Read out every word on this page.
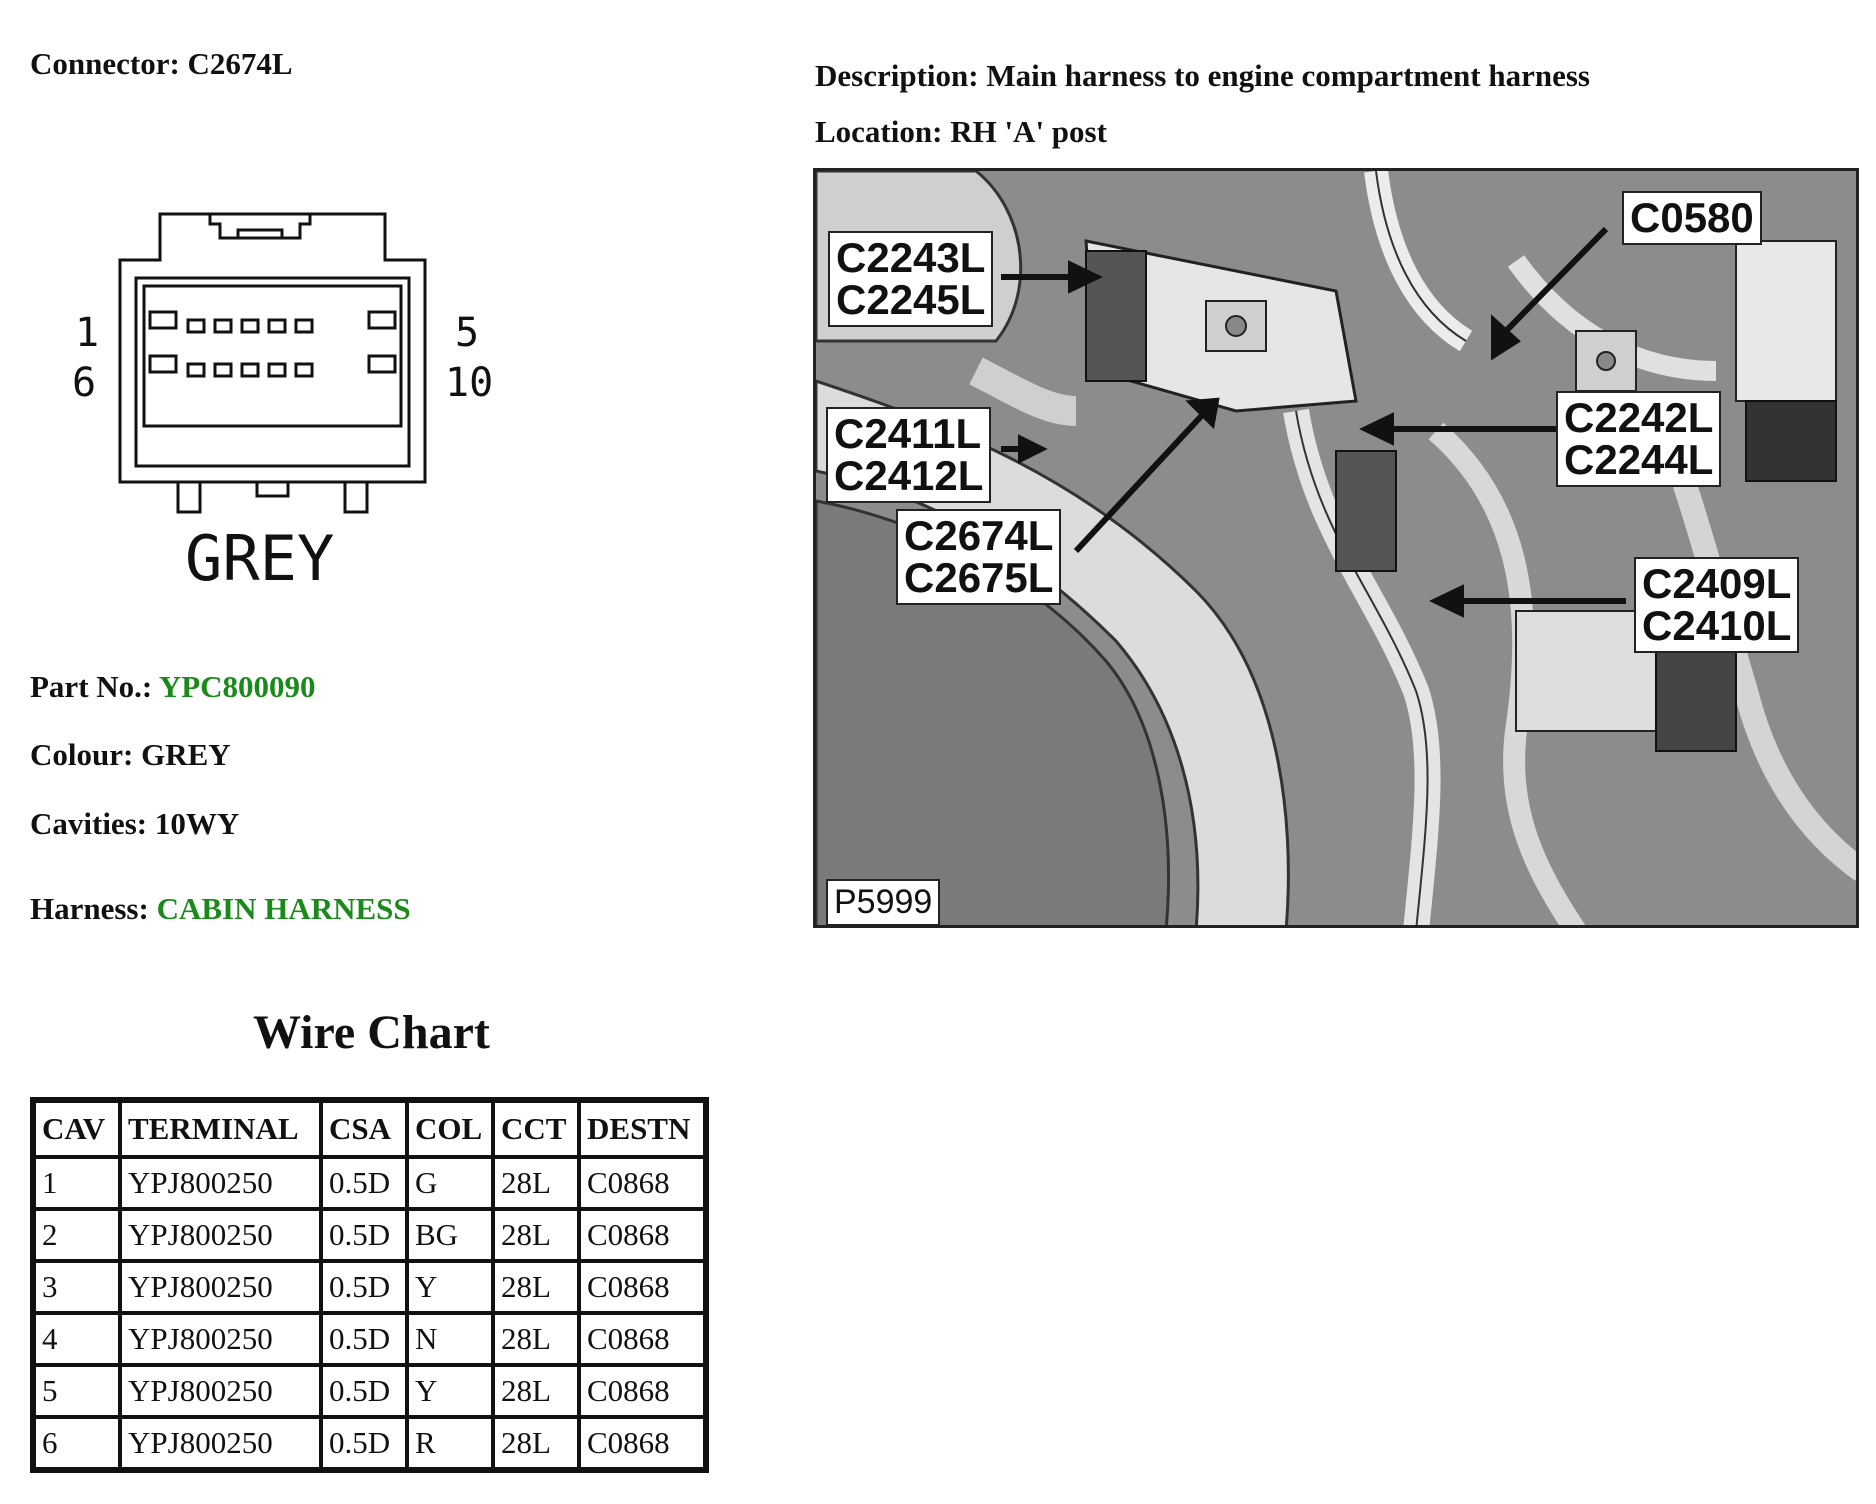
Connector: C2674L	Description: Main harness to engine compartment harness
Location: RH 'A' post
1
6
5
10
GREY
Part No.: YPC800090
Colour: GREY
Cavities: 10WY
Harness: CABIN HARNESS
C2243L
C2245L
C0580
C2411L
C2412L
C2242L
C2244L
C2674L
C2675L	C2409L
C2410L
P5999
Wire Chart
CAV	TERMINAL	CSA	COL	CCT	DESTN
1	YPJ800250	0.5D	G	28L	C0868
2	YPJ800250	0.5D	BG	28L	C0868
3	YPJ800250	0.5D	Y	28L	C0868
4	YPJ800250	0.5D	N	28L	C0868
5	YPJ800250	0.5D	Y	28L	C0868
6	YPJ800250	0.5D	R	28L	C0868
